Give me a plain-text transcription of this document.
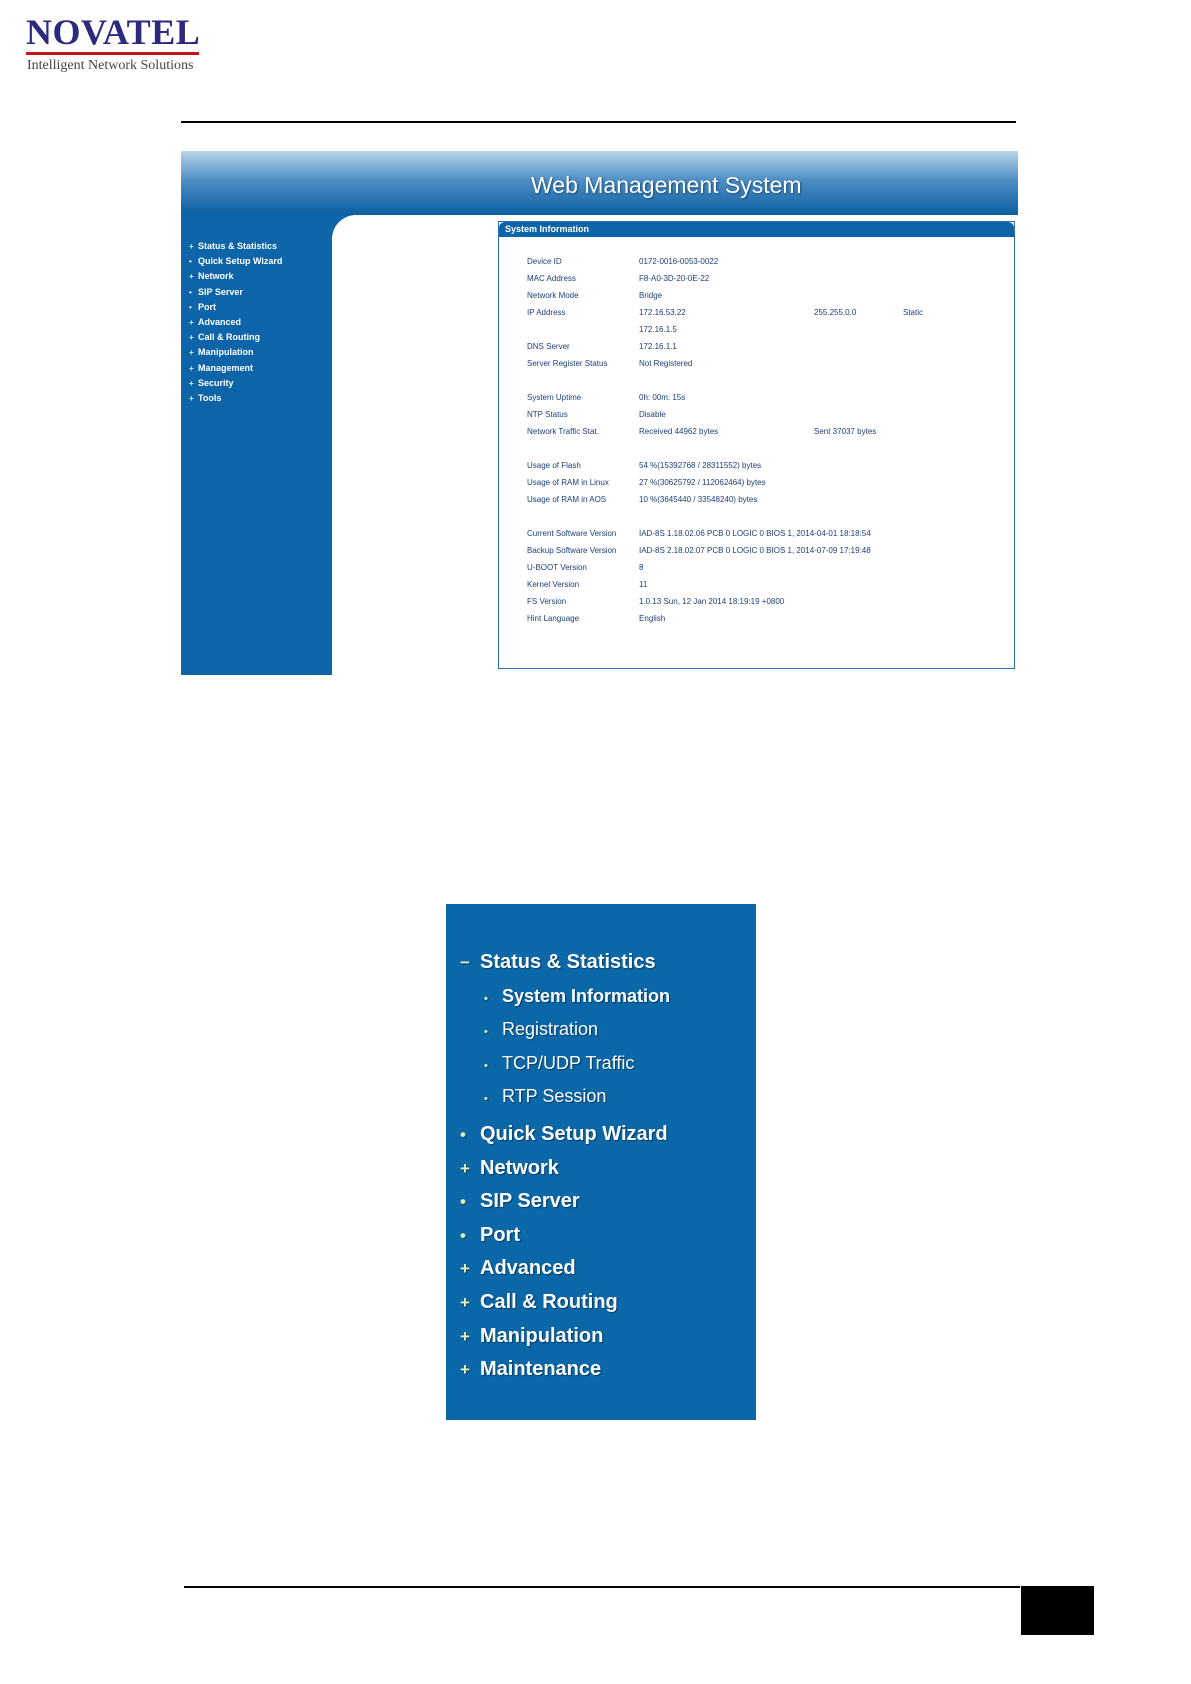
NOVATEL
Intelligent Network Solutions
Web Management System
+ Status & Statistics
• Quick Setup Wizard
+ Network
• SIP Server
• Port
+ Advanced
+ Call & Routing
+ Manipulation
+ Management
+ Security
+ Tools
System Information
Device ID	0172-0016-0053-0022
MAC Address	F8-A0-3D-20-0E-22
Network Mode	Bridge
IP Address	172.16.53.22	255.255.0.0	Static
172.16.1.5
DNS Server	172.16.1.1
Server Register Status	Not Registered
System Uptime	0h: 00m: 15s
NTP Status	Disable
Network Traffic Stat.	Received 44962 bytes	Sent 37037 bytes
Usage of Flash	54 %(15392768 / 28311552) bytes
Usage of RAM in Linux	27 %(30625792 / 112062464) bytes
Usage of RAM in AOS	10 %(3645440 / 33548240) bytes
Current Software Version	IAD-8S 1.18.02.06 PCB 0 LOGIC 0 BIOS 1, 2014-04-01 18:18:54
Backup Software Version	IAD-8S 2.18.02.07 PCB 0 LOGIC 0 BIOS 1, 2014-07-09 17:19:48
U-BOOT Version	8
Kernel Version	11
FS Version	1.0.13 Sun, 12 Jan 2014 18:19:19 +0800
Hint Language	English
− Status & Statistics
• System Information
• Registration
• TCP/UDP Traffic
• RTP Session
• Quick Setup Wizard
+ Network
• SIP Server
• Port
+ Advanced
+ Call & Routing
+ Manipulation
+ Maintenance
